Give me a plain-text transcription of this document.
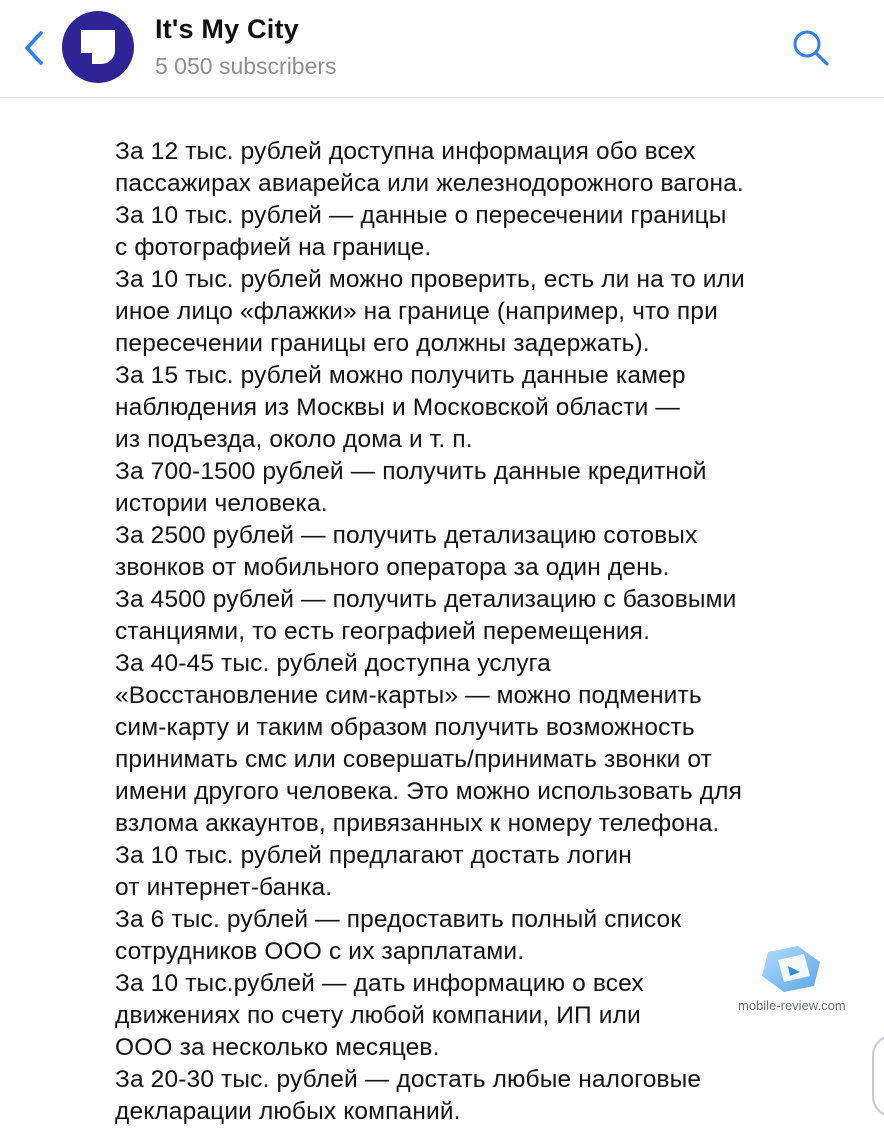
За 12 тыс. рублей доступна информация обо всех
пассажирах авиарейса или железнодорожного вагона.
За 10 тыс. рублей — данные о пересечении границы
с фотографией на границе.
За 10 тыс. рублей можно проверить, есть ли на то или
иное лицо «флажки» на границе (например, что при
пересечении границы его должны задержать).
За 15 тыс. рублей можно получить данные камер
наблюдения из Москвы и Московской области —
из подъезда, около дома и т. п.
За 700-1500 рублей — получить данные кредитной
истории человека.
За 2500 рублей — получить детализацию сотовых
звонков от мобильного оператора за один день.
За 4500 рублей — получить детализацию с базовыми
станциями, то есть географией перемещения.
За 40-45 тыс. рублей доступна услуга
«Восстановление сим-карты» — можно подменить
сим-карту и таким образом получить возможность
принимать смс или совершать/принимать звонки от
имени другого человека. Это можно использовать для
взлома аккаунтов, привязанных к номеру телефона.
За 10 тыс. рублей предлагают достать логин
от интернет-банка.
За 6 тыс. рублей — предоставить полный список
сотрудников ООО с их зарплатами.
За 10 тыс.рублей — дать информацию о всех
движениях по счету любой компании, ИП или
ООО за несколько месяцев.
За 20-30 тыс. рублей — достать любые налоговые
декларации любых компаний.
It's My City
5 050 subscribers
mobile-review.com
